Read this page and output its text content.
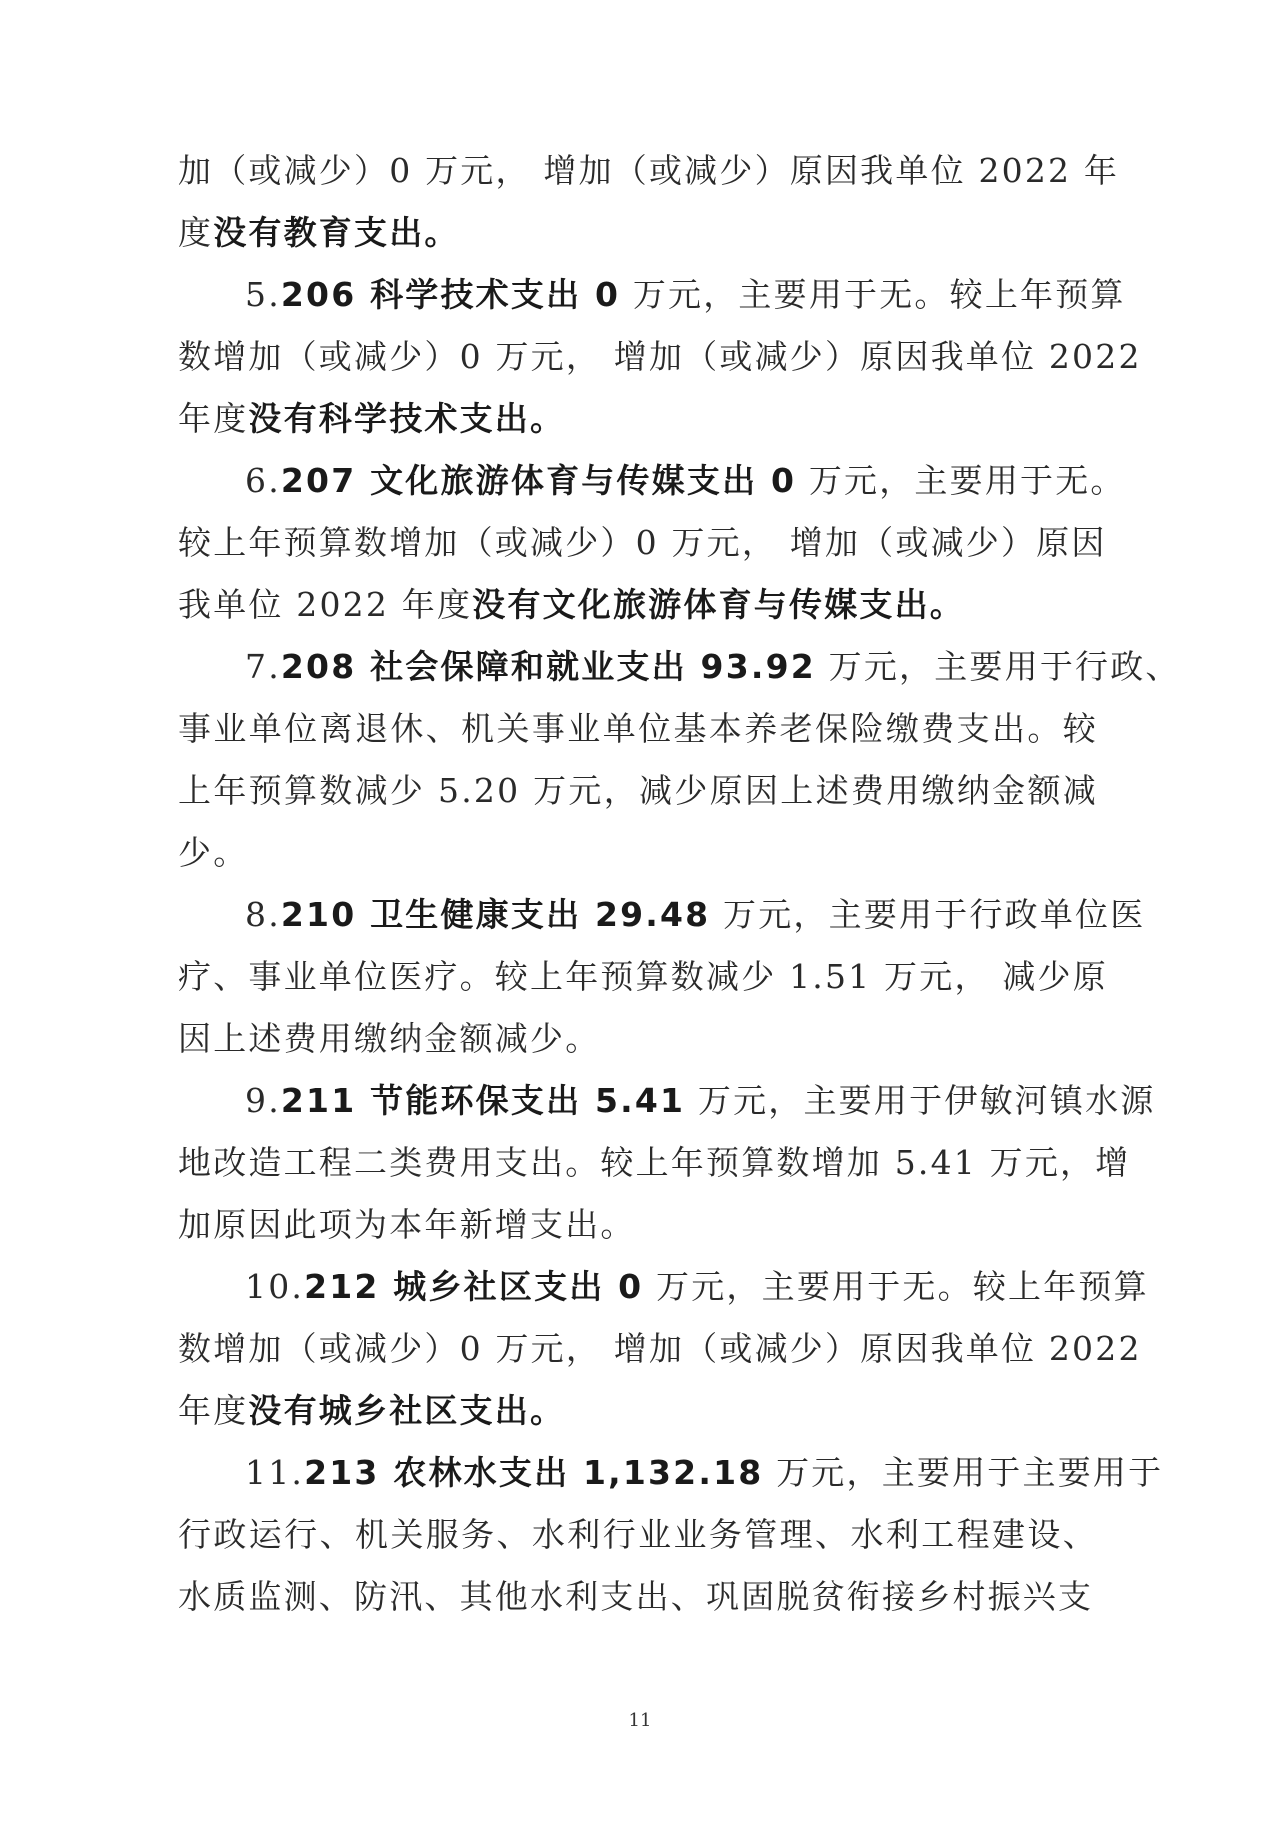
加（或减少）0 万元， 增加（或减少）原因我单位 2022 年
度没有教育支出。
5.206 科学技术支出 0 万元，主要用于无。较上年预算
数增加（或减少）0 万元， 增加（或减少）原因我单位 2022
年度没有科学技术支出。
6.207 文化旅游体育与传媒支出 0 万元，主要用于无。
较上年预算数增加（或减少）0 万元， 增加（或减少）原因
我单位 2022 年度没有文化旅游体育与传媒支出。
7.208 社会保障和就业支出 93.92 万元，主要用于行政、
事业单位离退休、机关事业单位基本养老保险缴费支出。较
上年预算数减少 5.20 万元，减少原因上述费用缴纳金额减
少。
8.210 卫生健康支出 29.48 万元，主要用于行政单位医
疗、事业单位医疗。较上年预算数减少 1.51 万元， 减少原
因上述费用缴纳金额减少。
9.211 节能环保支出 5.41 万元，主要用于伊敏河镇水源
地改造工程二类费用支出。较上年预算数增加 5.41 万元，增
加原因此项为本年新增支出。
10.212 城乡社区支出 0 万元，主要用于无。较上年预算
数增加（或减少）0 万元， 增加（或减少）原因我单位 2022
年度没有城乡社区支出。
11.213 农林水支出 1,132.18 万元，主要用于主要用于
行政运行、机关服务、水利行业业务管理、水利工程建设、
水质监测、防汛、其他水利支出、巩固脱贫衔接乡村振兴支
11
